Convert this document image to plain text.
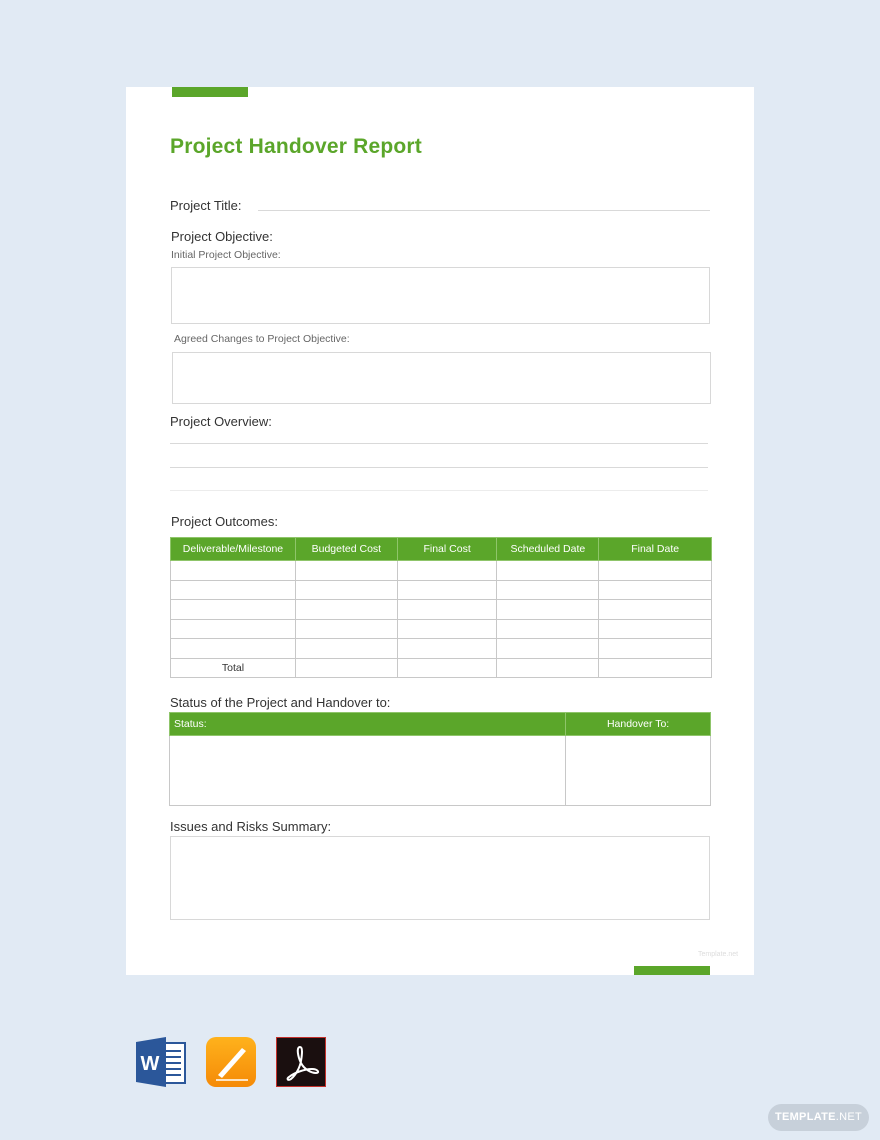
Project Handover Report
Project Title:
Project Objective:
Initial Project Objective:
Agreed Changes to Project Objective:
Project Overview:
Project Outcomes:
Deliverable/Milestone	Budgeted Cost	Final Cost	Scheduled Date	Final Date

Total				
Status of the Project and Handover to:
Status:	Handover To:

Issues and Risks Summary:
Template.net
W
TEMPLATE.NET
